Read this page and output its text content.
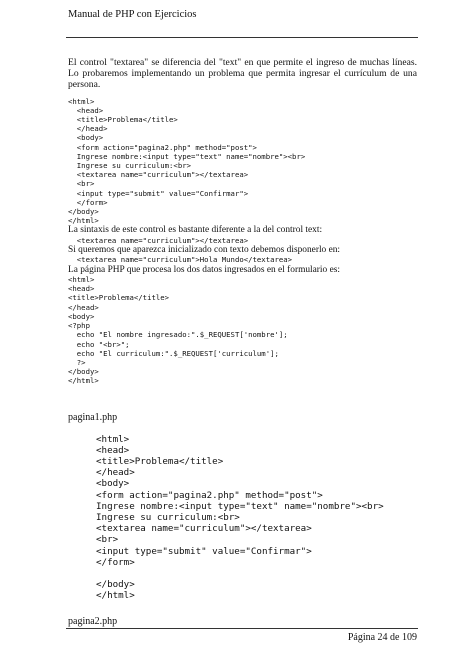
Manual de PHP con Ejercicios

El control "textarea" se diferencia del "text" en que permite el ingreso de muchas líneas. Lo probaremos implementando un problema que permita ingresar el currículum de una persona.

<html>
<head>
<title>Problema</title>
</head>
<body>
<form action="pagina2.php" method="post">
Ingrese nombre:<input type="text" name="nombre"><br>
Ingrese su curriculum:<br>
<textarea name="curriculum"></textarea>
<br>
<input type="submit" value="Confirmar">
</form>
</body>
</html>

La sintaxis de este control es bastante diferente a la del control text:

<textarea name="curriculum"></textarea>

Si queremos que aparezca inicializado con texto debemos disponerlo en:

<textarea name="curriculum">Hola Mundo</textarea>

La página PHP que procesa los dos datos ingresados en el formulario es:

<html>
<head>
<title>Problema</title>
</head>
<body>
<?php
echo "El nombre ingresado:".$_REQUEST['nombre'];
echo "<br>";
echo "El curriculum:".$_REQUEST['curriculum'];
?>
</body>
</html>

pagina1.php

<html>
<head>
<title>Problema</title>
</head>
<body>
<form action="pagina2.php" method="post">
Ingrese nombre:<input type="text" name="nombre"><br>
Ingrese su curriculum:<br>
<textarea name="curriculum"></textarea>
<br>
<input type="submit" value="Confirmar">
</form>

</body>
</html>

pagina2.php

Página 24 de 109
